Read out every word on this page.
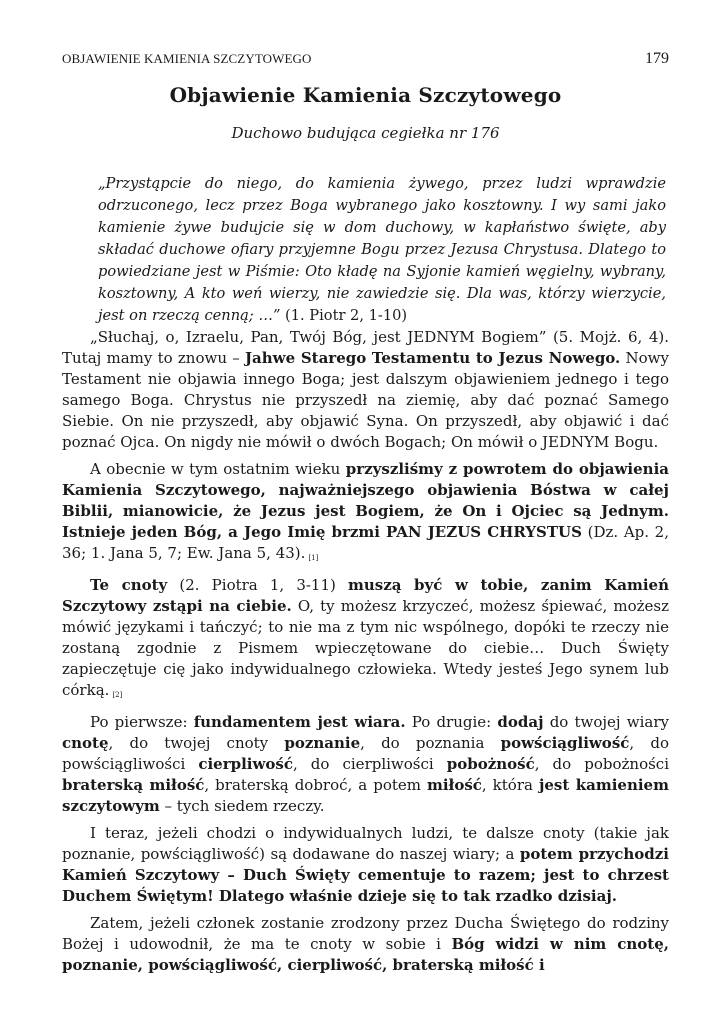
OBJAWIENIE KAMIENIA SZCZYTOWEGO	179
Objawienie Kamienia Szczytowego
Duchowo budująca cegiełka nr 176

„Przystąpcie do niego, do kamienia żywego, przez ludzi wprawdzie odrzuconego, lecz przez Boga wybranego jako kosztowny. I wy sami jako kamienie żywe budujcie się w dom duchowy, w kapłaństwo święte, aby składać duchowe ofiary przyjemne Bogu przez Jezusa Chrystusa. Dlatego to powiedziane jest w Piśmie: Oto kładę na Syjonie kamień węgielny, wybrany, kosztowny, A kto weń wierzy, nie zawiedzie się. Dla was, którzy wierzycie, jest on rzeczą cenną; …” (1. Piotr 2, 1-10)

„Słuchaj, o, Izraelu, Pan, Twój Bóg, jest JEDNYM Bogiem” (5. Mojż. 6, 4). Tutaj mamy to znowu – Jahwe Starego Testamentu to Jezus Nowego. Nowy Testament nie objawia innego Boga; jest dalszym objawieniem jednego i tego samego Boga. Chrystus nie przyszedł na ziemię, aby dać poznać Samego Siebie. On nie przyszedł, aby objawić Syna. On przyszedł, aby objawić i dać poznać Ojca. On nigdy nie mówił o dwóch Bogach; On mówił o JEDNYM Bogu.

A obecnie w tym ostatnim wieku przyszliśmy z powrotem do objawienia Kamienia Szczytowego, najważniejszego objawienia Bóstwa w całej Biblii, mianowicie, że Jezus jest Bogiem, że On i Ojciec są Jednym. Istnieje jeden Bóg, a Jego Imię brzmi PAN JEZUS CHRYSTUS (Dz. Ap. 2, 36; 1. Jana 5, 7; Ew. Jana 5, 43). [1]

Te cnoty (2. Piotra 1, 3-11) muszą być w tobie, zanim Kamień Szczytowy zstąpi na ciebie. O, ty możesz krzyczeć, możesz śpiewać, możesz mówić językami i tańczyć; to nie ma z tym nic wspólnego, dopóki te rzeczy nie zostaną zgodnie z Pismem wpieczętowane do ciebie… Duch Święty zapieczętuje cię jako indywidualnego człowieka. Wtedy jesteś Jego synem lub córką. [2]

Po pierwsze: fundamentem jest wiara. Po drugie: dodaj do twojej wiary cnotę, do twojej cnoty poznanie, do poznania powściągliwość, do powściągliwości cierpliwość, do cierpliwości pobożność, do pobożności braterską miłość, braterską dobroć, a potem miłość, która jest kamieniem szczytowym – tych siedem rzeczy.

I teraz, jeżeli chodzi o indywidualnych ludzi, te dalsze cnoty (takie jak poznanie, powściągliwość) są dodawane do naszej wiary; a potem przychodzi Kamień Szczytowy – Duch Święty cementuje to razem; jest to chrzest Duchem Świętym! Dlatego właśnie dzieje się to tak rzadko dzisiaj.

Zatem, jeżeli członek zostanie zrodzony przez Ducha Świętego do rodziny Bożej i udowodnił, że ma te cnoty w sobie i Bóg widzi w nim cnotę, poznanie, powściągliwość, cierpliwość, braterską miłość i
